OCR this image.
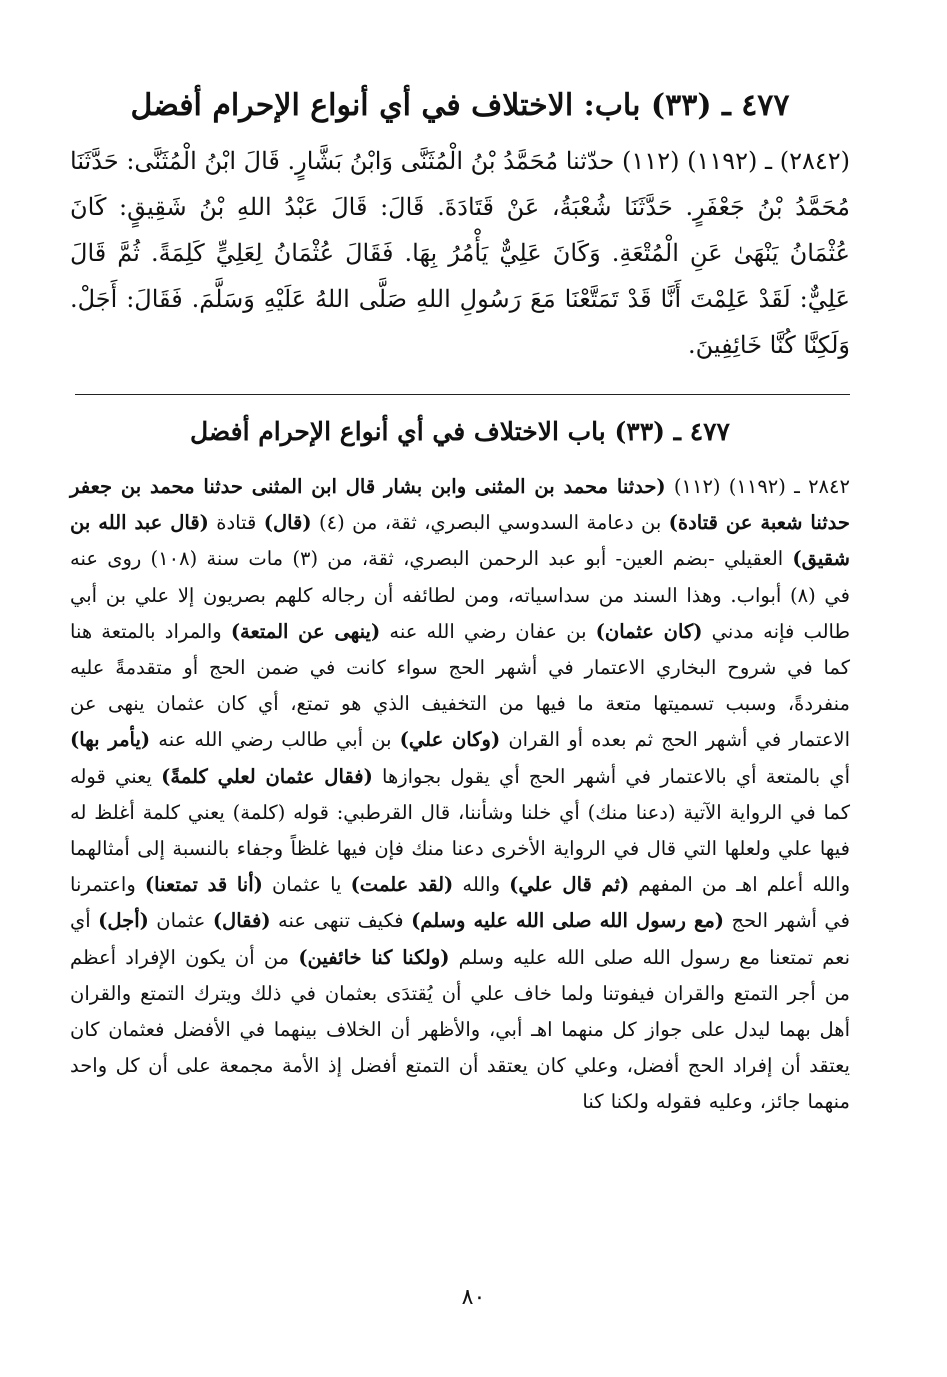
٤٧٧ ـ (٣٣) باب: الاختلاف في أي أنواع الإحرام أفضل

(٢٨٤٢) ـ (١١٩٢) (١١٢) حدّثنا مُحَمَّدُ بْنُ الْمُثَنَّى وَابْنُ بَشَّارٍ. قَالَ ابْنُ الْمُثَنَّى: حَدَّثَنَا مُحَمَّدُ بْنُ جَعْفَرٍ. حَدَّثَنَا شُعْبَةُ، عَنْ قَتَادَةَ. قَالَ: قَالَ عَبْدُ اللهِ بْنُ شَقِيقٍ: كَانَ عُثْمَانُ يَنْهَىٰ عَنِ الْمُتْعَةِ. وَكَانَ عَلِيٌّ يَأْمُرُ بِهَا. فَقَالَ عُثْمَانُ لِعَلِيٍّ كَلِمَةً. ثُمَّ قَالَ عَلِيٌّ: لَقَدْ عَلِمْتَ أَنَّا قَدْ تَمَتَّعْنَا مَعَ رَسُولِ اللهِ صَلَّى اللهُ عَلَيْهِ وَسَلَّمَ. فَقَالَ: أَجَلْ. وَلَكِنَّا كُنَّا خَائِفِينَ.

٤٧٧ ـ (٣٣) باب الاختلاف في أي أنواع الإحرام أفضل

٢٨٤٢ ـ (١١٩٢) (١١٢) (حدثنا محمد بن المثنى وابن بشار قال ابن المثنى حدثنا محمد بن جعفر حدثنا شعبة عن قتادة) بن دعامة السدوسي البصري، ثقة، من (٤) (قال) قتادة (قال عبد الله بن شقيق) العقيلي -بضم العين- أبو عبد الرحمن البصري، ثقة، من (٣) مات سنة (١٠٨) روى عنه في (٨) أبواب. وهذا السند من سداسياته، ومن لطائفه أن رجاله كلهم بصريون إلا علي بن أبي طالب فإنه مدني (كان عثمان) بن عفان رضي الله عنه (ينهى عن المتعة) والمراد بالمتعة هنا كما في شروح البخاري الاعتمار في أشهر الحج سواء كانت في ضمن الحج أو متقدمةً عليه منفردةً، وسبب تسميتها متعة ما فيها من التخفيف الذي هو تمتع، أي كان عثمان ينهى عن الاعتمار في أشهر الحج ثم بعده أو القران (وكان علي) بن أبي طالب رضي الله عنه (يأمر بها) أي بالمتعة أي بالاعتمار في أشهر الحج أي يقول بجوازها (فقال عثمان لعلي كلمةً) يعني قوله كما في الرواية الآتية (دعنا منك) أي خلنا وشأننا، قال القرطبي: قوله (كلمة) يعني كلمة أغلظ له فيها علي ولعلها التي قال في الرواية الأخرى دعنا منك فإن فيها غلظاً وجفاء بالنسبة إلى أمثالهما والله أعلم اهـ من المفهم (ثم قال علي) والله (لقد علمت) يا عثمان (أنا قد تمتعنا) واعتمرنا في أشهر الحج (مع رسول الله صلى الله عليه وسلم) فكيف تنهى عنه (فقال) عثمان (أجل) أي نعم تمتعنا مع رسول الله صلى الله عليه وسلم (ولكنا كنا خائفين) من أن يكون الإفراد أعظم من أجر التمتع والقران فيفوتنا ولما خاف علي أن يُقتدَى بعثمان في ذلك ويترك التمتع والقران أهل بهما ليدل على جواز كل منهما اهـ أبي، والأظهر أن الخلاف بينهما في الأفضل فعثمان كان يعتقد أن إفراد الحج أفضل، وعلي كان يعتقد أن التمتع أفضل إذ الأمة مجمعة على أن كل واحد منهما جائز، وعليه فقوله ولكنا كنا

٨٠
